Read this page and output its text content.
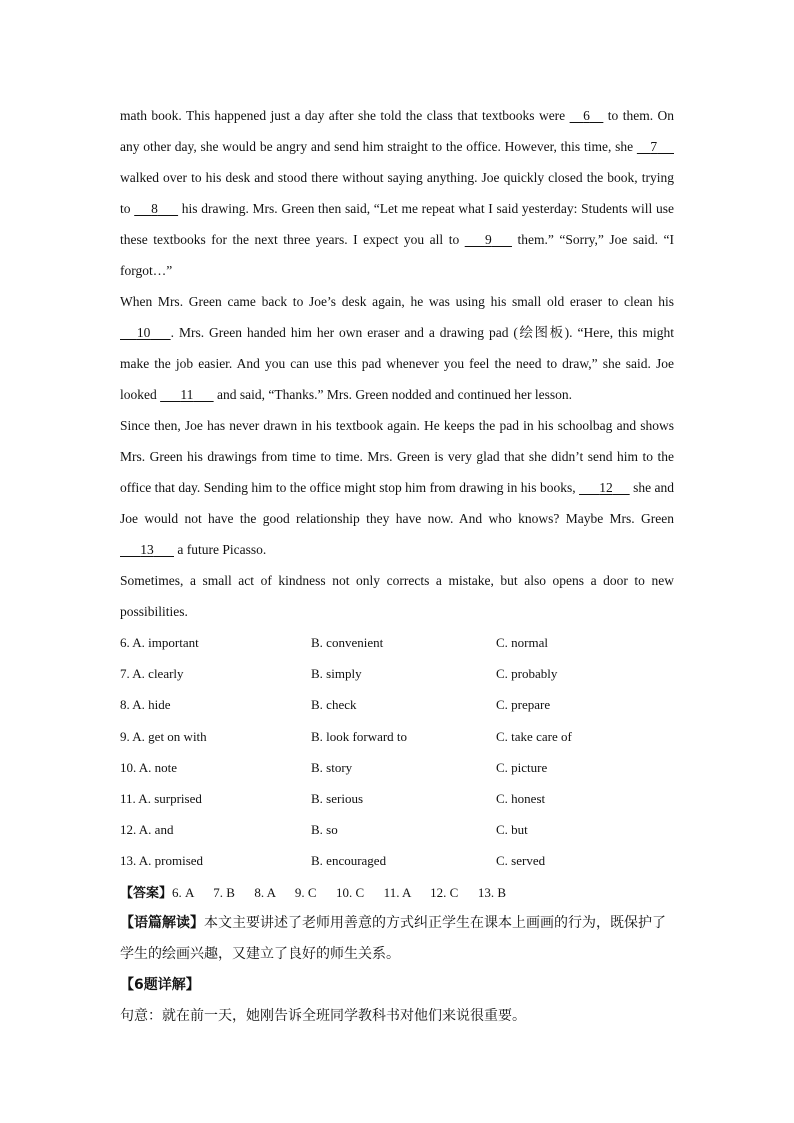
math book. This happened just a day after she told the class that textbooks were     6     to them. On any other day, she would be angry and send him straight to the office. However, this time, she     7      walked over to his desk and stood there without saying anything. Joe quickly closed the book, trying to      8       his drawing. Mrs. Green then said, “Let me repeat what I said yesterday: Students will use these textbooks for the next three years. I expect you all to       9       them.” “Sorry,” Joe said. “I forgot…”

When Mrs. Green came back to Joe’s desk again, he was using his small old eraser to clean his      10 . Mrs. Green handed him her own eraser and a drawing pad (绘图板). “Here, this might make the job easier. And you can use this pad whenever you feel the need to draw,” she said. Joe looked       11       and said, “Thanks.” Mrs. Green nodded and continued her lesson.

Since then, Joe has never drawn in his textbook again. He keeps the pad in his schoolbag and shows Mrs. Green his drawings from time to time. Mrs. Green is very glad that she didn’t send him to the office that day. Sending him to the office might stop him from drawing in his books,       12      she and Joe would not have the good relationship they have now. And who knows? Maybe Mrs. Green       13       a future Picasso.

Sometimes, a small act of kindness not only corrects a mistake, but also opens a door to new possibilities.

6. A. important	B. convenient	C. normal
7. A. clearly	B. simply	C. probably
8. A. hide	B. check	C. prepare
9. A. get on with	B. look forward to	C. take care of
10. A. note	B. story	C. picture
11. A. surprised	B. serious	C. honest
12. A. and	B. so	C. but
13. A. promised	B. encouraged	C. served
【答案】6. A 7. B 8. A 9. C 10. C 11. A 12. C 13. B

【语篇解读】本文主要讲述了老师用善意的方式纠正学生在课本上画画的行为，既保护了学生的绘画兴趣，又建立了良好的师生关系。

【6题详解】

句意：就在前一天，她刚告诉全班同学教科书对他们来说很重要。
